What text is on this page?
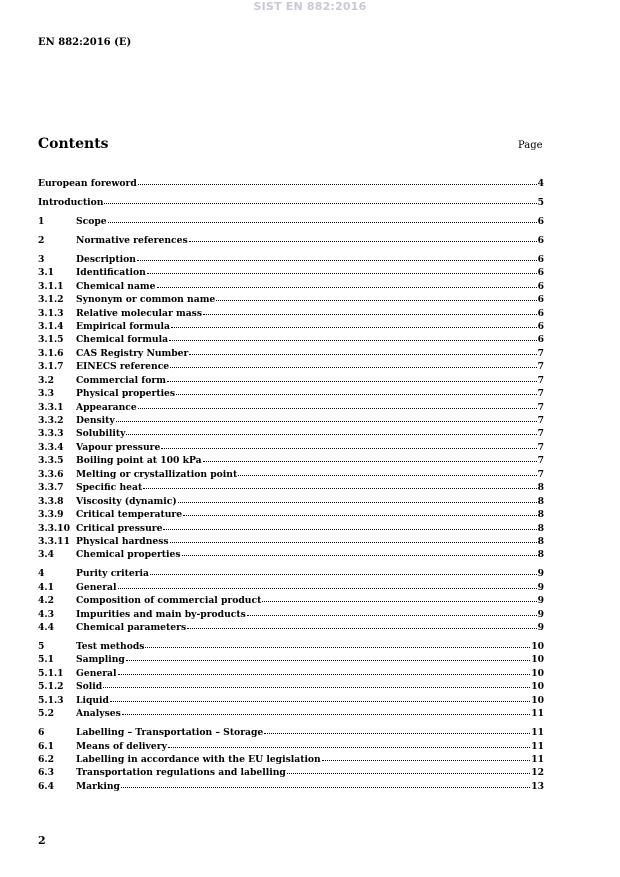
SIST EN 882:2016
EN 882:2016 (E)
Contents	Page
European foreword	4
Introduction	5
1	Scope	6
2	Normative references	6
3	Description	6
3.1	Identification	6
3.1.1	Chemical name	6
3.1.2	Synonym or common name	6
3.1.3	Relative molecular mass	6
3.1.4	Empirical formula	6
3.1.5	Chemical formula	6
3.1.6	CAS Registry Number	7
3.1.7	EINECS reference	7
3.2	Commercial form	7
3.3	Physical properties	7
3.3.1	Appearance	7
3.3.2	Density	7
3.3.3	Solubility	7
3.3.4	Vapour pressure	7
3.3.5	Boiling point at 100 kPa	7
3.3.6	Melting or crystallization point	7
3.3.7	Specific heat	8
3.3.8	Viscosity (dynamic)	8
3.3.9	Critical temperature	8
3.3.10 Critical pressure	8
3.3.11 Physical hardness	8
3.4	Chemical properties	8
4	Purity criteria	9
4.1	General	9
4.2	Composition of commercial product	9
4.3	Impurities and main by-products	9
4.4	Chemical parameters	9
5	Test methods	10
5.1	Sampling	10
5.1.1	General	10
5.1.2	Solid	10
5.1.3	Liquid	10
5.2	Analyses	11
6	Labelling – Transportation – Storage	11
6.1	Means of delivery	11
6.2	Labelling in accordance with the EU legislation	11
6.3	Transportation regulations and labelling	12
6.4	Marking	13
2
